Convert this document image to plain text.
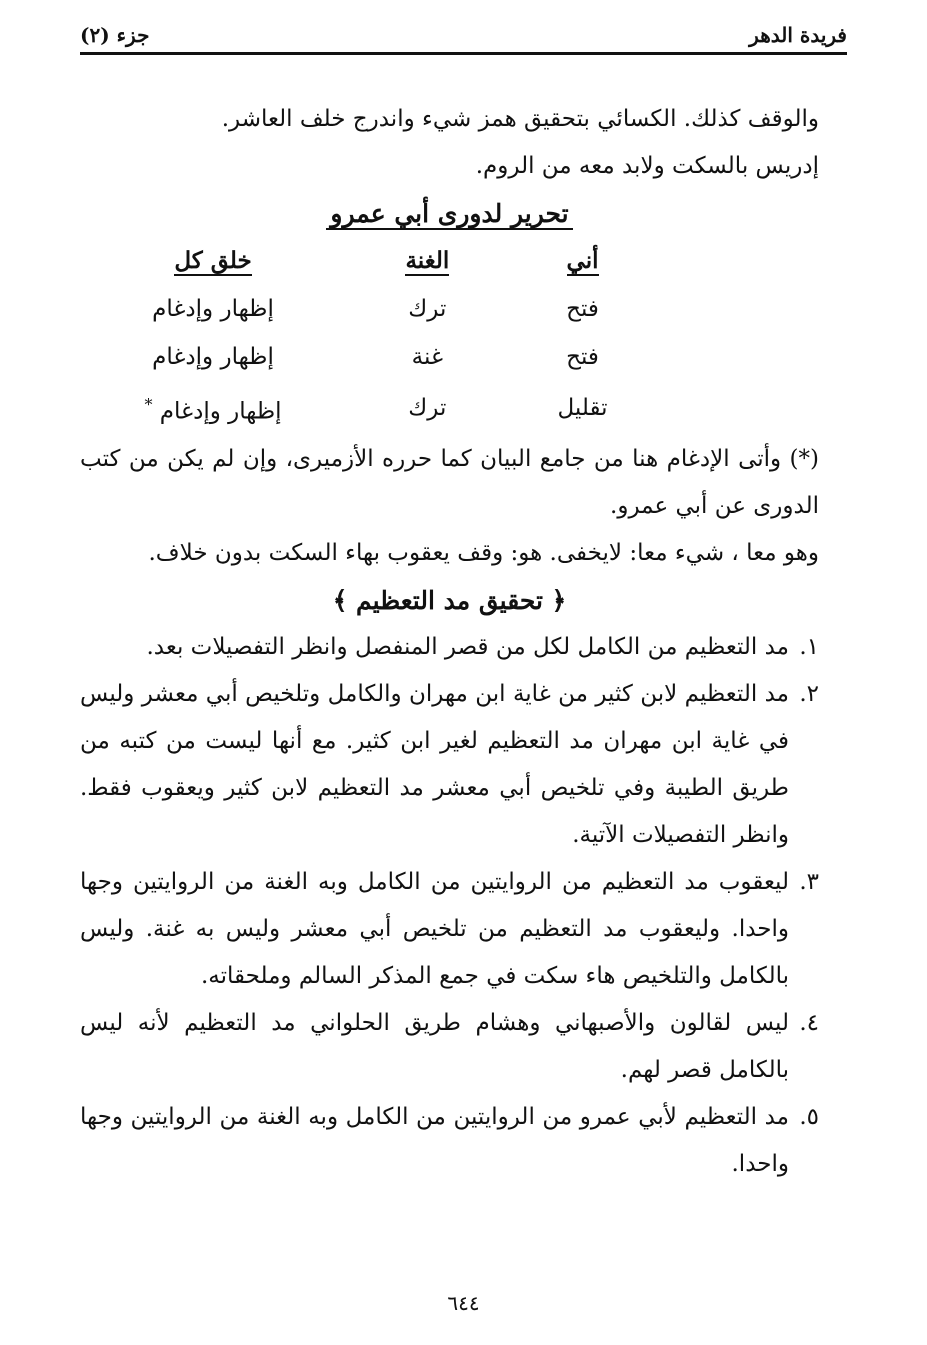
فريدة الدهر
جزء (٢)

والوقف كذلك. الكسائي بتحقيق همز شيء واندرج خلف العاشر.

إدريس بالسكت ولابد معه من الروم.

تحرير لدورى أبي عمرو

	أني	الغنة	خلق كل
	فتح	ترك	إظهار وإدغام
	فتح	غنة	إظهار وإدغام
	تقليل	ترك	إظهار وإدغام *

(*) وأتى الإدغام هنا من جامع البيان كما حرره الأزميرى، وإن لم يكن من كتب الدورى عن أبي عمرو.

وهو معا ، شيء معا: لايخفى. هو: وقف يعقوب بهاء السكت بدون خلاف.

﴿ تحقيق مد التعظيم ﴾

١.
مد التعظيم من الكامل لكل من قصر المنفصل وانظر التفصيلات بعد.
٢.
مد التعظيم لابن كثير من غاية ابن مهران والكامل وتلخيص أبي معشر وليس في غاية ابن مهران مد التعظيم لغير ابن كثير. مع أنها ليست من كتبه من طريق الطيبة وفي تلخيص أبي معشر مد التعظيم لابن كثير ويعقوب فقط. وانظر التفصيلات الآتية.
٣.
ليعقوب مد التعظيم من الروايتين من الكامل وبه الغنة من الروايتين وجها واحدا. وليعقوب مد التعظيم من تلخيص أبي معشر وليس به غنة. وليس بالكامل والتلخيص هاء سكت في جمع المذكر السالم وملحقاته.
٤.
ليس لقالون والأصبهاني وهشام طريق الحلواني مد التعظيم لأنه ليس بالكامل قصر لهم.
٥.
مد التعظيم لأبي عمرو من الروايتين من الكامل وبه الغنة من الروايتين وجها واحدا.
٦٤٤
